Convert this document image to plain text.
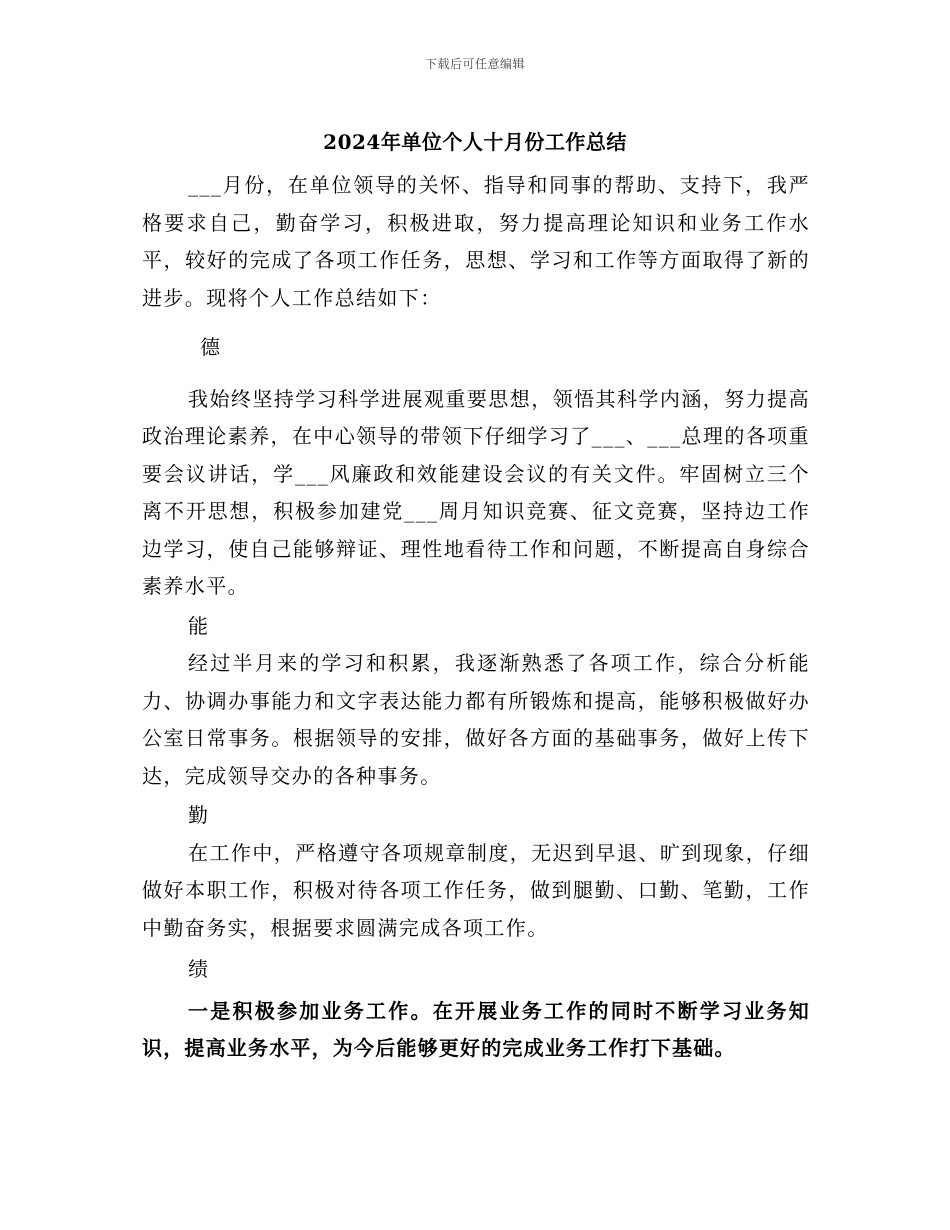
下载后可任意编辑
2024年单位个人十月份工作总结

___月份，在单位领导的关怀、指导和同事的帮助、支持下，我严格要求自己，勤奋学习，积极进取，努力提高理论知识和业务工作水平，较好的完成了各项工作任务，思想、学习和工作等方面取得了新的进步。现将个人工作总结如下：

德

我始终坚持学习科学进展观重要思想，领悟其科学内涵，努力提高政治理论素养，在中心领导的带领下仔细学习了___、___总理的各项重要会议讲话，学___风廉政和效能建设会议的有关文件。牢固树立三个离不开思想，积极参加建党___周月知识竞赛、征文竞赛，坚持边工作边学习，使自己能够辩证、理性地看待工作和问题，不断提高自身综合素养水平。

能

经过半月来的学习和积累，我逐渐熟悉了各项工作，综合分析能力、协调办事能力和文字表达能力都有所锻炼和提高，能够积极做好办公室日常事务。根据领导的安排，做好各方面的基础事务，做好上传下达，完成领导交办的各种事务。

勤

在工作中，严格遵守各项规章制度，无迟到早退、旷到现象，仔细做好本职工作，积极对待各项工作任务，做到腿勤、口勤、笔勤，工作中勤奋务实，根据要求圆满完成各项工作。

绩

一是积极参加业务工作。在开展业务工作的同时不断学习业务知识，提高业务水平，为今后能够更好的完成业务工作打下基础。
